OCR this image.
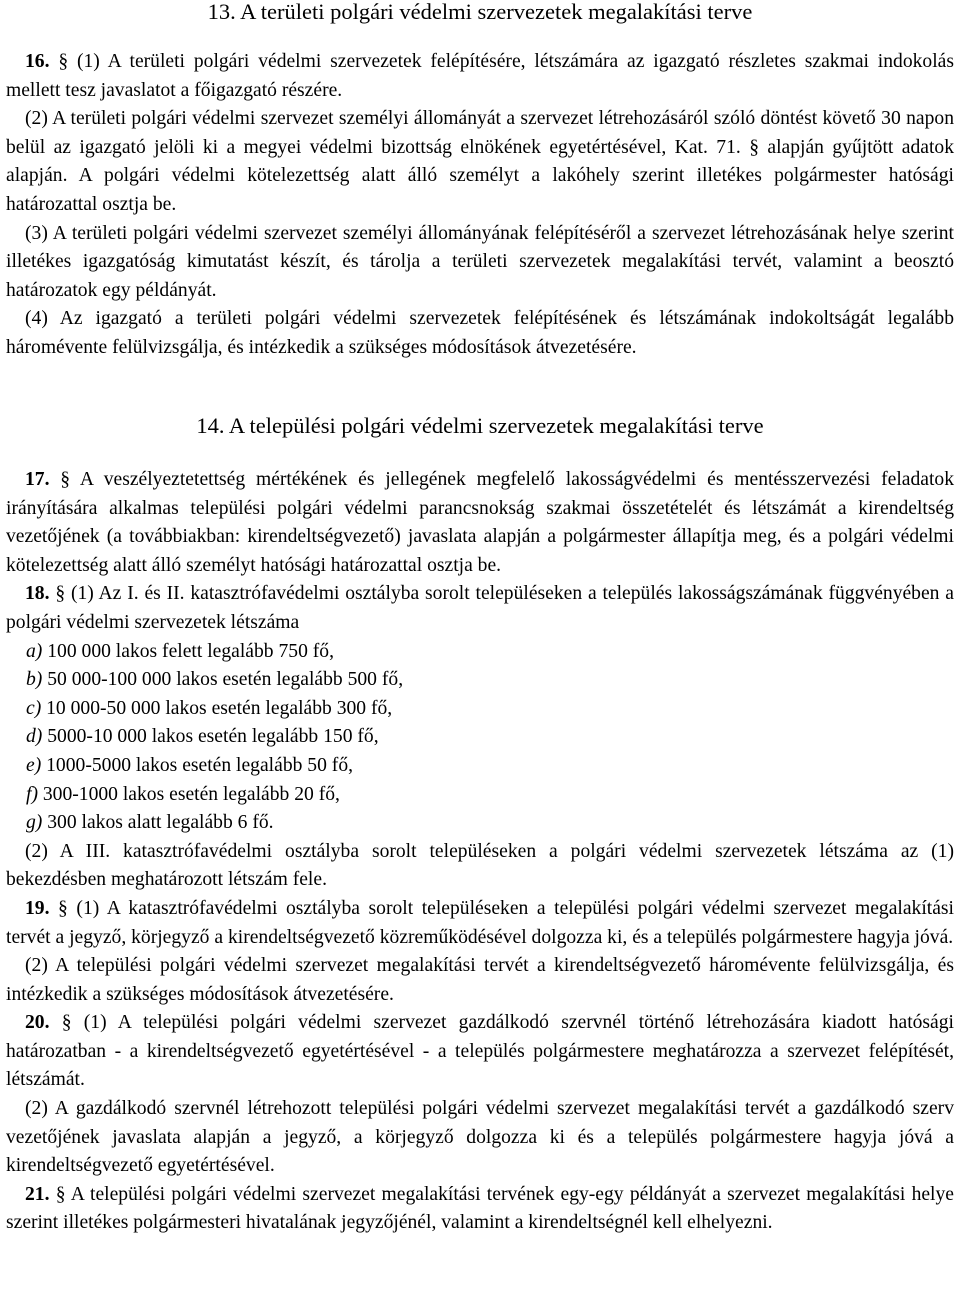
13. A területi polgári védelmi szervezetek megalakítási terve

16. § (1) A területi polgári védelmi szervezetek felépítésére, létszámára az igazgató részletes szakmai indokolás mellett tesz javaslatot a főigazgató részére.

(2) A területi polgári védelmi szervezet személyi állományát a szervezet létrehozásáról szóló döntést követő 30 napon belül az igazgató jelöli ki a megyei védelmi bizottság elnökének egyetértésével, Kat. 71. § alapján gyűjtött adatok alapján. A polgári védelmi kötelezettség alatt álló személyt a lakóhely szerint illetékes polgármester hatósági határozattal osztja be.

(3) A területi polgári védelmi szervezet személyi állományának felépítéséről a szervezet létrehozásának helye szerint illetékes igazgatóság kimutatást készít, és tárolja a területi szervezetek megalakítási tervét, valamint a beosztó határozatok egy példányát.

(4) Az igazgató a területi polgári védelmi szervezetek felépítésének és létszámának indokoltságát legalább háromévente felülvizsgálja, és intézkedik a szükséges módosítások átvezetésére.

14. A települési polgári védelmi szervezetek megalakítási terve

17. § A veszélyeztetettség mértékének és jellegének megfelelő lakosságvédelmi és mentésszervezési feladatok irányítására alkalmas települési polgári védelmi parancsnokság szakmai összetételét és létszámát a kirendeltség vezetőjének (a továbbiakban: kirendeltségvezető) javaslata alapján a polgármester állapítja meg, és a polgári védelmi kötelezettség alatt álló személyt hatósági határozattal osztja be.

18. § (1) Az I. és II. katasztrófavédelmi osztályba sorolt településeken a település lakosságszámának függvényében a polgári védelmi szervezetek létszáma

a) 100 000 lakos felett legalább 750 fő,

b) 50 000-100 000 lakos esetén legalább 500 fő,

c) 10 000-50 000 lakos esetén legalább 300 fő,

d) 5000-10 000 lakos esetén legalább 150 fő,

e) 1000-5000 lakos esetén legalább 50 fő,

f) 300-1000 lakos esetén legalább 20 fő,

g) 300 lakos alatt legalább 6 fő.

(2) A III. katasztrófavédelmi osztályba sorolt településeken a polgári védelmi szervezetek létszáma az (1) bekezdésben meghatározott létszám fele.

19. § (1) A katasztrófavédelmi osztályba sorolt településeken a települési polgári védelmi szervezet megalakítási tervét a jegyző, körjegyző a kirendeltségvezető közreműködésével dolgozza ki, és a település polgármestere hagyja jóvá.

(2) A települési polgári védelmi szervezet megalakítási tervét a kirendeltségvezető háromévente felülvizsgálja, és intézkedik a szükséges módosítások átvezetésére.

20. § (1) A települési polgári védelmi szervezet gazdálkodó szervnél történő létrehozására kiadott hatósági határozatban - a kirendeltségvezető egyetértésével - a település polgármestere meghatározza a szervezet felépítését, létszámát.

(2) A gazdálkodó szervnél létrehozott települési polgári védelmi szervezet megalakítási tervét a gazdálkodó szerv vezetőjének javaslata alapján a jegyző, a körjegyző dolgozza ki és a település polgármestere hagyja jóvá a kirendeltségvezető egyetértésével.

21. § A települési polgári védelmi szervezet megalakítási tervének egy-egy példányát a szervezet megalakítási helye szerint illetékes polgármesteri hivatalának jegyzőjénél, valamint a kirendeltségnél kell elhelyezni.
